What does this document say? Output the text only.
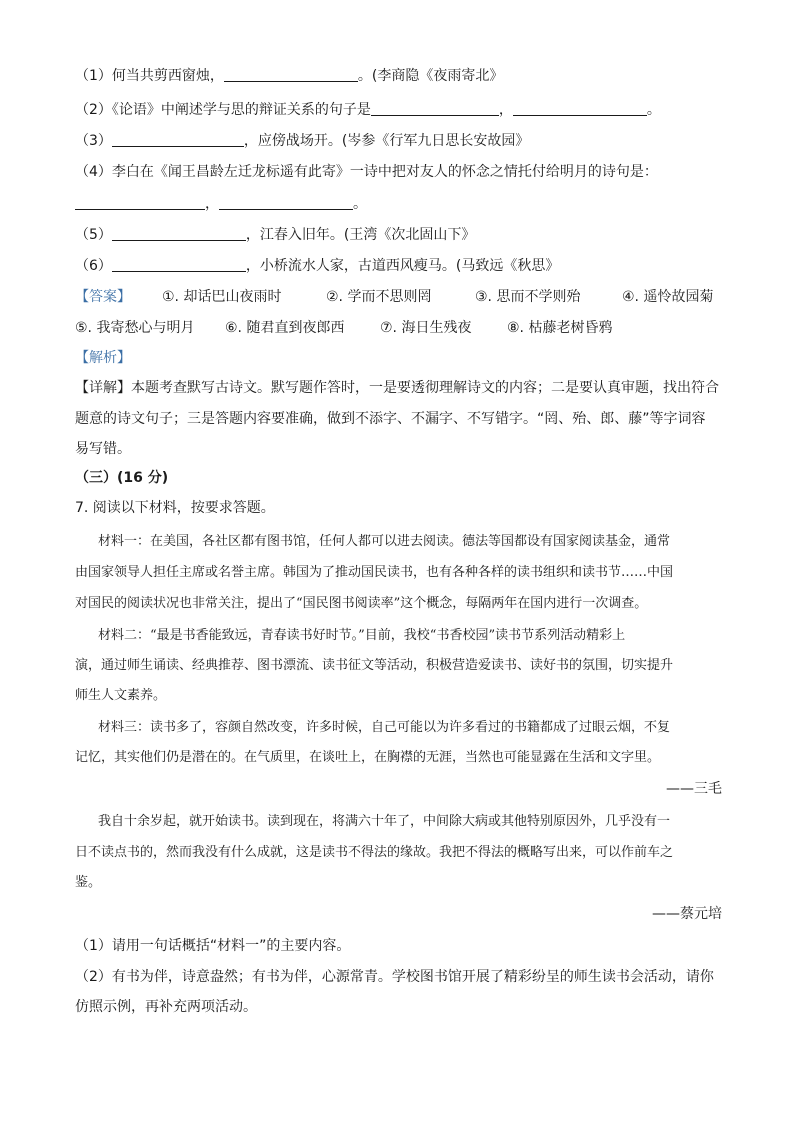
（1）何当共剪西窗烛，	。(李商隐《夜雨寄北》
（2）《论语》中阐述学与思的辩证关系的句子是	，	。
（3）	，应傍战场开。(岑参《行军九日思长安故园》
（4）李白在《闻王昌龄左迁龙标遥有此寄》一诗中把对友人的怀念之情托付给明月的诗句是：
，	。
（5）	，江春入旧年。(王湾《次北固山下》
（6）	，小桥流水人家，古道西风瘦马。(马致远《秋思》
【答案】 ①. 却话巴山夜雨时	②. 学而不思则罔	③. 思而不学则殆	④. 遥怜故园菊
⑤. 我寄愁心与明月 ⑥. 随君直到夜郎西	⑦. 海日生残夜	⑧. 枯藤老树昏鸦
【解析】
【详解】本题考查默写古诗文。默写题作答时，一是要透彻理解诗文的内容；二是要认真审题，找出符合
题意的诗文句子；三是答题内容要准确，做到不添字、不漏字、不写错字。“罔、殆、郎、藤”等字词容
易写错。
（三）(16 分)
7. 阅读以下材料，按要求答题。
材料一：在美国，各社区都有图书馆，任何人都可以进去阅读。德法等国都设有国家阅读基金，通常
由国家领导人担任主席或名誉主席。韩国为了推动国民读书，也有各种各样的读书组织和读书节……中国
对国民的阅读状况也非常关注，提出了“国民图书阅读率”这个概念，每隔两年在国内进行一次调查。
材料二：“最是书香能致远，青春读书好时节。”目前，我校“书香校园”读书节系列活动精彩上
演，通过师生诵读、经典推荐、图书漂流、读书征文等活动，积极营造爱读书、读好书的氛围，切实提升
师生人文素养。
材料三：读书多了，容颜自然改变，许多时候，自己可能以为许多看过的书籍都成了过眼云烟，不复
记忆，其实他们仍是潜在的。在气质里，在谈吐上，在胸襟的无涯，当然也可能显露在生活和文字里。
——三毛
我自十余岁起，就开始读书。读到现在，将满六十年了，中间除大病或其他特别原因外，几乎没有一
日不读点书的，然而我没有什么成就，这是读书不得法的缘故。我把不得法的概略写出来，可以作前车之
鉴。
——蔡元培
（1）请用一句话概括“材料一”的主要内容。
（2）有书为伴，诗意盎然；有书为伴，心源常青。学校图书馆开展了精彩纷呈的师生读书会活动，请你
仿照示例，再补充两项活动。
